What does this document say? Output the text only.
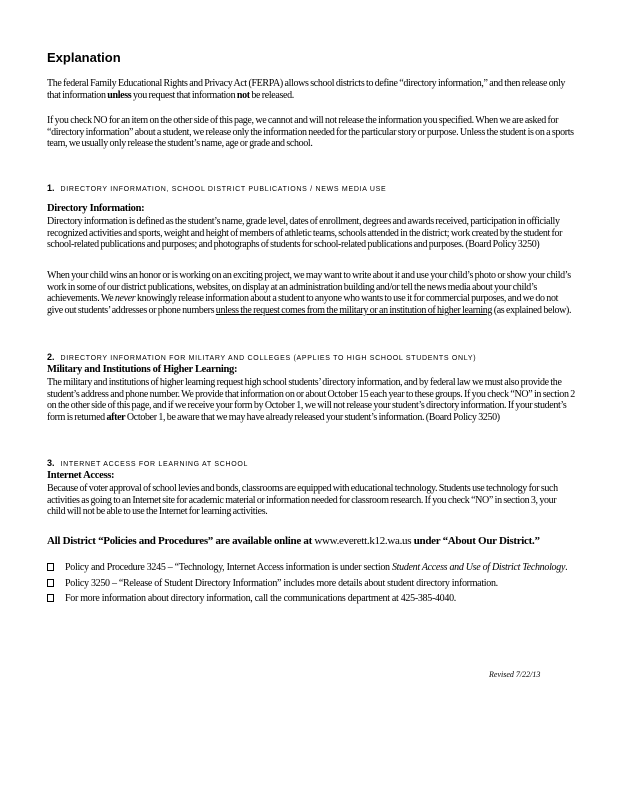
Explanation
The federal Family Educational Rights and Privacy Act (FERPA) allows school districts to define “directory information,” and then release only that information unless you request that information not be released.
If you check NO for an item on the other side of this page, we cannot and will not release the information you specified. When we are asked for “directory information” about a student, we release only the information needed for the particular story or purpose. Unless the student is on a sports team, we usually only release the student’s name, age or grade and school.
1. DIRECTORY INFORMATION, SCHOOL DISTRICT PUBLICATIONS / NEWS MEDIA USE
Directory Information:
Directory information is defined as the student’s name, grade level, dates of enrollment, degrees and awards received, participation in officially recognized activities and sports, weight and height of members of athletic teams, schools attended in the district; work created by the student for school-related publications and purposes; and photographs of students for school-related publications and purposes. (Board Policy 3250)
When your child wins an honor or is working on an exciting project, we may want to write about it and use your child’s photo or show your child’s work in some of our district publications, websites, on display at an administration building and/or tell the news media about your child’s achievements. We never knowingly release information about a student to anyone who wants to use it for commercial purposes, and we do not give out students’ addresses or phone numbers unless the request comes from the military or an institution of higher learning (as explained below).
2. DIRECTORY INFORMATION FOR MILITARY AND COLLEGES (APPLIES TO HIGH SCHOOL STUDENTS ONLY)
Military and Institutions of Higher Learning:
The military and institutions of higher learning request high school students’ directory information, and by federal law we must also provide the student’s address and phone number. We provide that information on or about October 15 each year to these groups. If you check “NO” in section 2 on the other side of this page, and if we receive your form by October 1, we will not release your student’s directory information. If your student’s form is returned after October 1, be aware that we may have already released your student’s information. (Board Policy 3250)
3. INTERNET ACCESS FOR LEARNING AT SCHOOL
Internet Access:
Because of voter approval of school levies and bonds, classrooms are equipped with educational technology. Students use technology for such activities as going to an Internet site for academic material or information needed for classroom research. If you check “NO” in section 3, your child will not be able to use the Internet for learning activities.
All District “Policies and Procedures” are available online at www.everett.k12.wa.us under “About Our District.”
Policy and Procedure 3245 – “Technology, Internet Access information is under section Student Access and Use of District Technology.
Policy 3250 – “Release of Student Directory Information” includes more details about student directory information.
For more information about directory information, call the communications department at 425-385-4040.
Revised 7/22/13
